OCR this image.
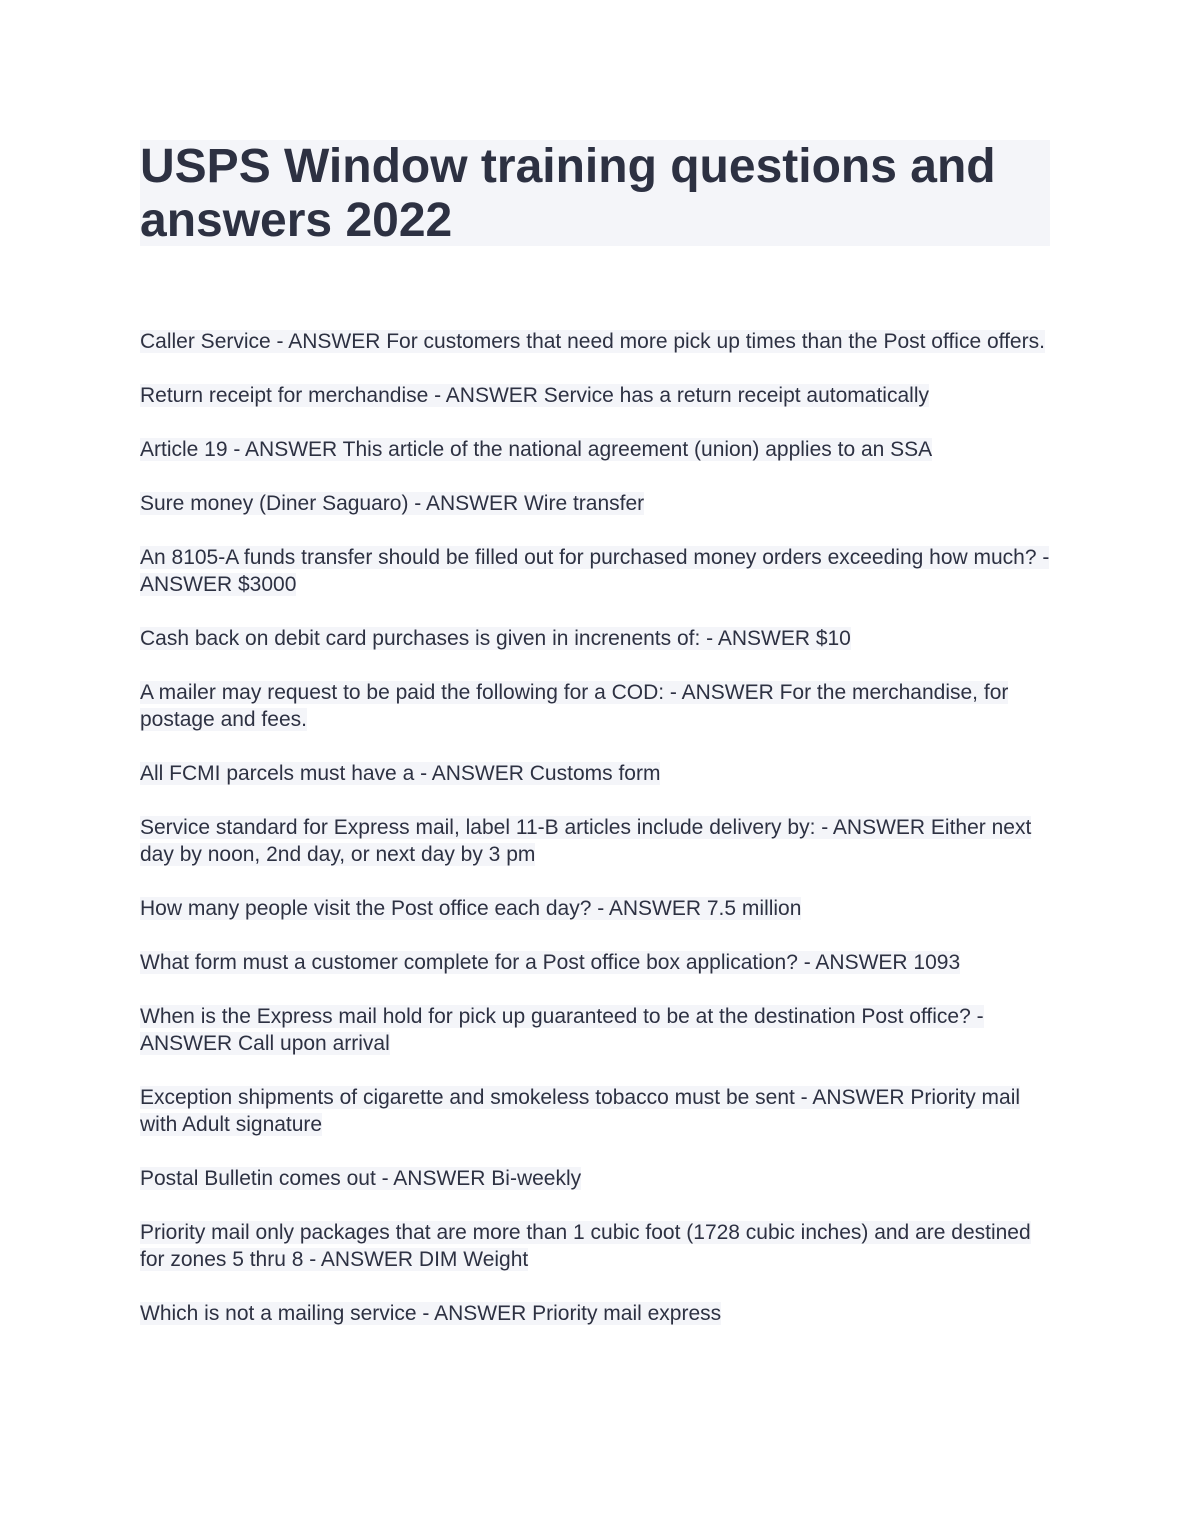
USPS Window training questions and answers 2022

Caller Service - ANSWER For customers that need more pick up times than the Post office offers.

Return receipt for merchandise - ANSWER Service has a return receipt automatically

Article 19 - ANSWER This article of the national agreement (union) applies to an SSA

Sure money (Diner Saguaro) - ANSWER Wire transfer

An 8105-A funds transfer should be filled out for purchased money orders exceeding how much? - ANSWER $3000

Cash back on debit card purchases is given in increnents of: - ANSWER $10

A mailer may request to be paid the following for a COD: - ANSWER For the merchandise, for postage and fees.

All FCMI parcels must have a - ANSWER Customs form

Service standard for Express mail, label 11-B articles include delivery by: - ANSWER Either next day by noon, 2nd day, or next day by 3 pm

How many people visit the Post office each day? - ANSWER 7.5 million

What form must a customer complete for a Post office box application? - ANSWER 1093

When is the Express mail hold for pick up guaranteed to be at the destination Post office? - ANSWER Call upon arrival

Exception shipments of cigarette and smokeless tobacco must be sent - ANSWER Priority mail with Adult signature

Postal Bulletin comes out - ANSWER Bi-weekly

Priority mail only packages that are more than 1 cubic foot (1728 cubic inches) and are destined for zones 5 thru 8 - ANSWER DIM Weight

Which is not a mailing service - ANSWER Priority mail express
